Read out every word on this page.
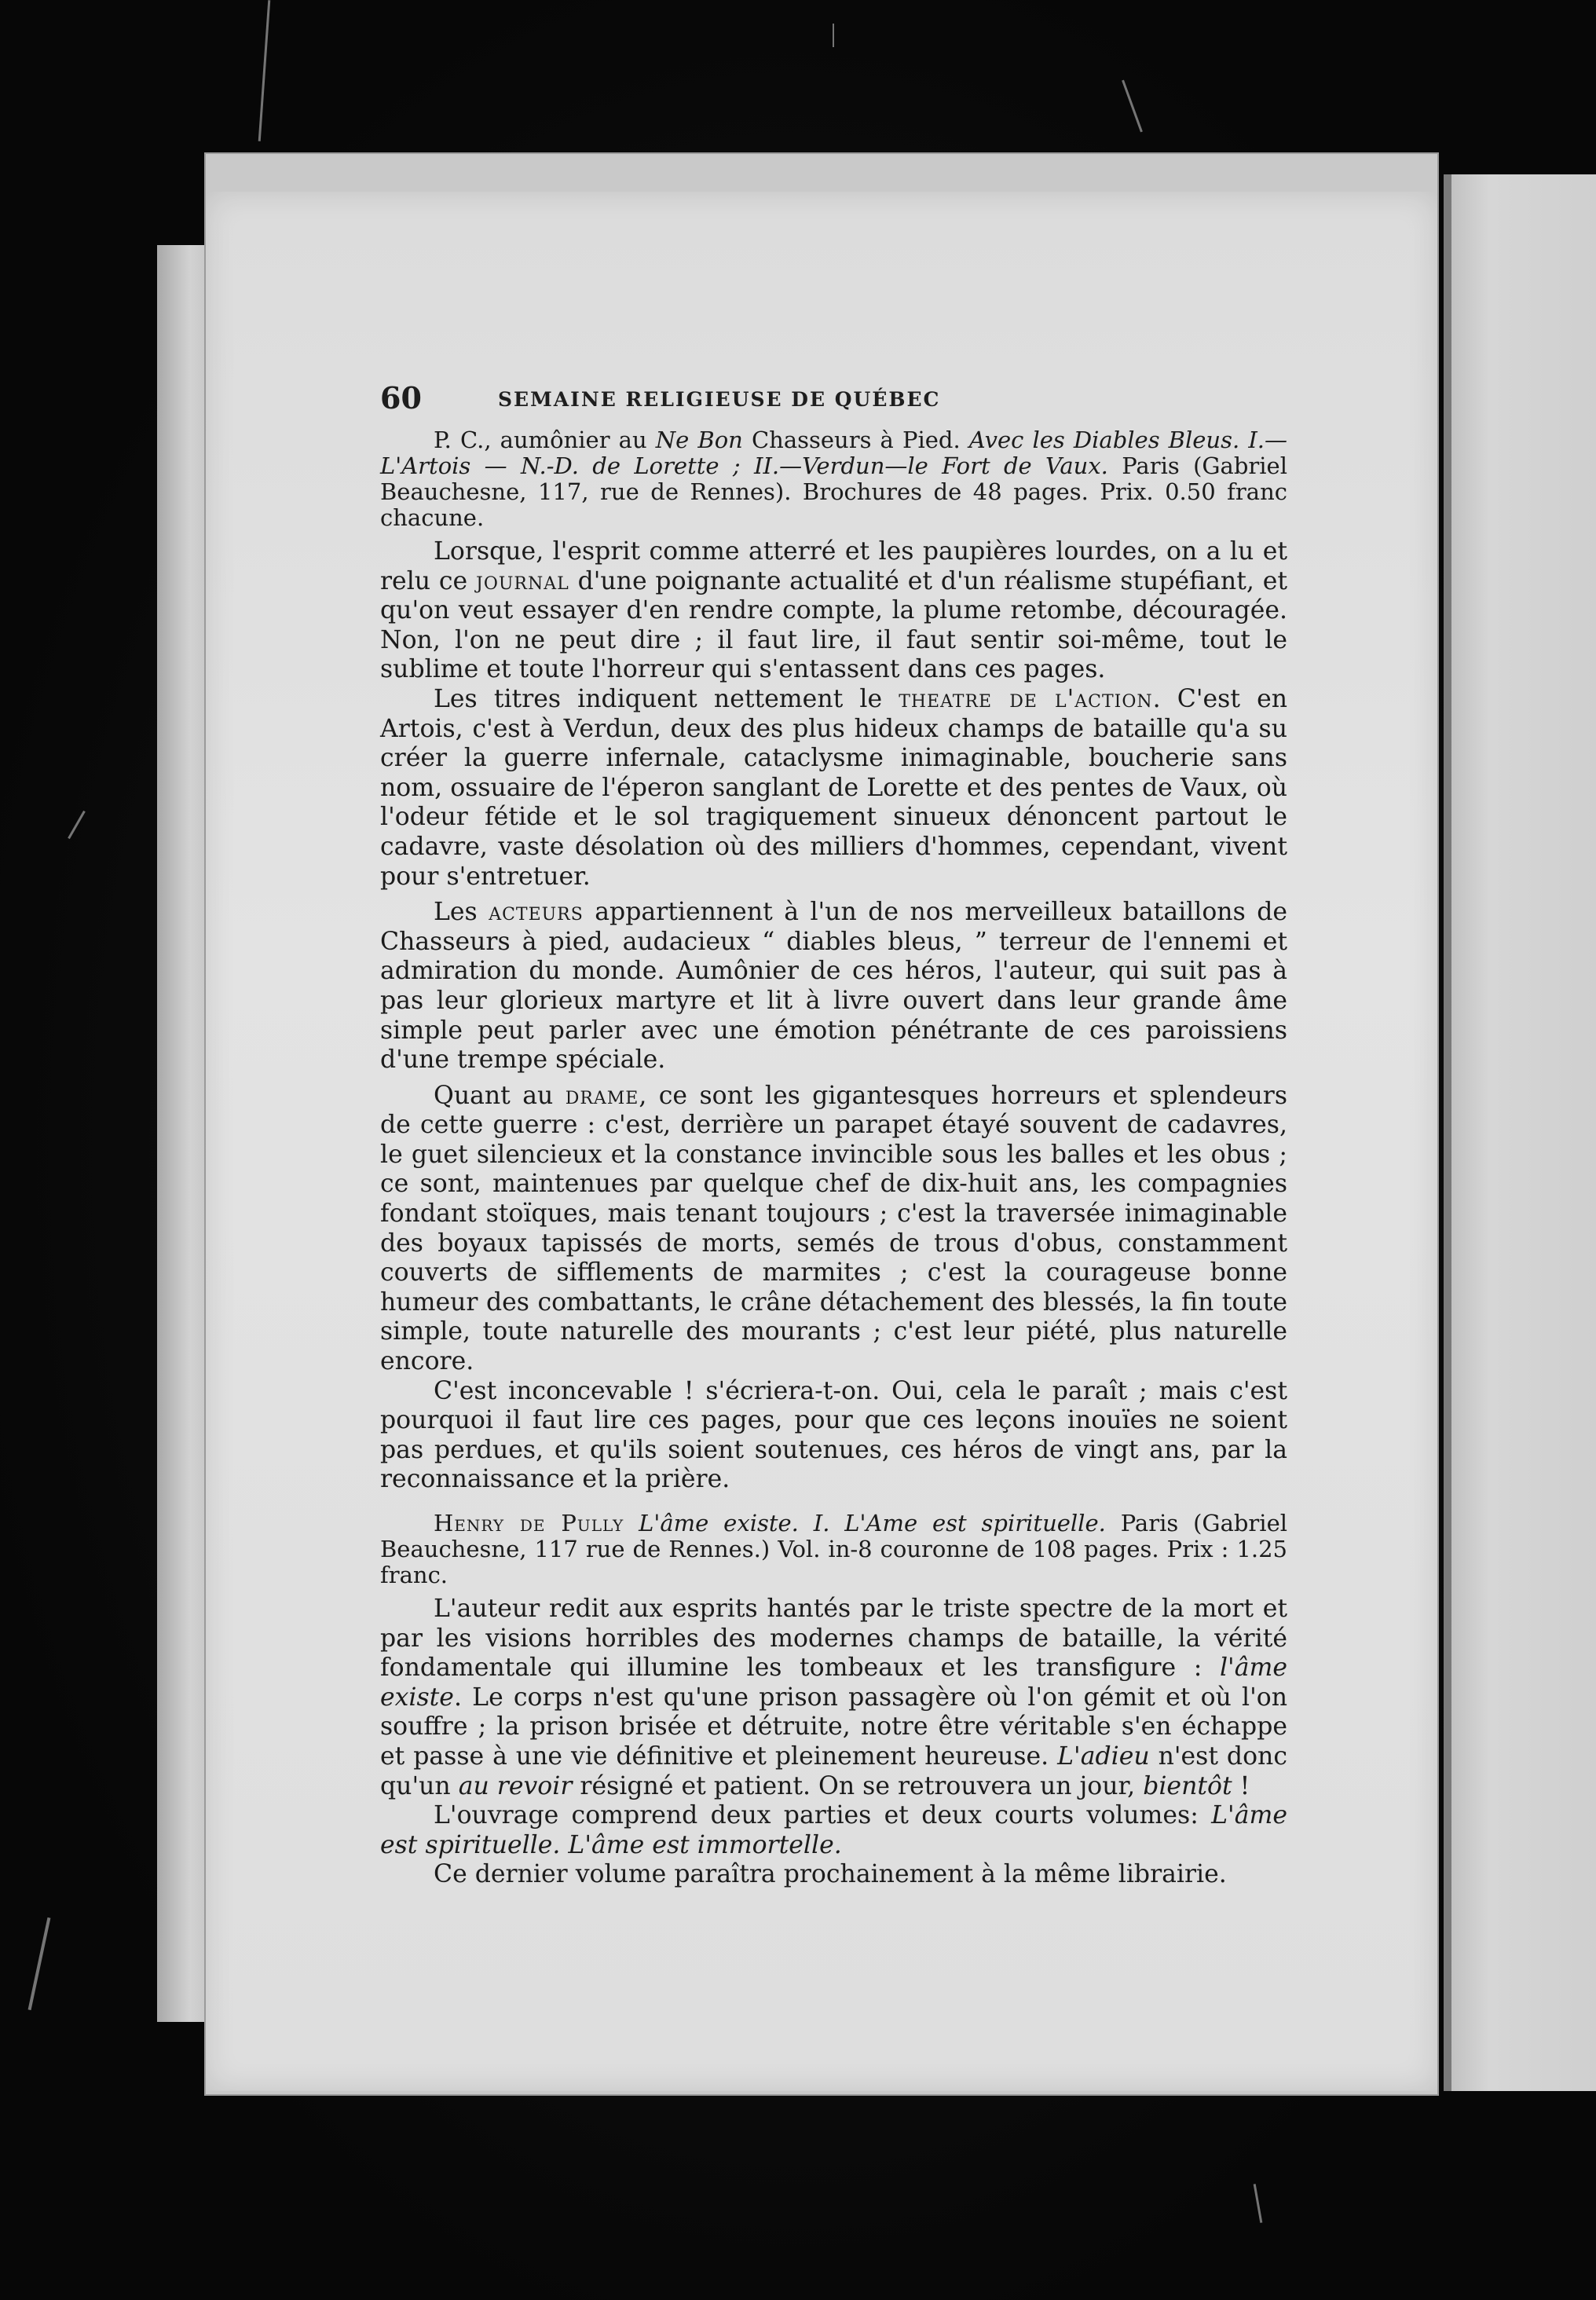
60	SEMAINE RELIGIEUSE DE QUÉBEC

P. C., aumônier au Ne Bon Chasseurs à Pied. Avec les Diables Bleus. I.— L'Artois — N.-D. de Lorette ; II.—Verdun—le Fort de Vaux. Paris (Gabriel Beauchesne, 117, rue de Rennes). Brochures de 48 pages. Prix. 0.50 franc chacune.

Lorsque, l'esprit comme atterré et les paupières lourdes, on a lu et relu ce journal d'une poignante actualité et d'un réalisme stupéfiant, et qu'on veut essayer d'en rendre compte, la plume retombe, découragée. Non, l'on ne peut dire ; il faut lire, il faut sentir soi-même, tout le sublime et toute l'horreur qui s'entassent dans ces pages.

Les titres indiquent nettement le theatre de l'action. C'est en Artois, c'est à Verdun, deux des plus hideux champs de bataille qu'a su créer la guerre infernale, cataclysme inimaginable, boucherie sans nom, ossuaire de l'éperon sanglant de Lorette et des pentes de Vaux, où l'odeur fétide et le sol tragiquement sinueux dénoncent partout le cadavre, vaste désolation où des milliers d'hommes, cependant, vivent pour s'entretuer.

Les acteurs appartiennent à l'un de nos merveilleux bataillons de Chasseurs à pied, audacieux “ diables bleus, ” terreur de l'ennemi et admiration du monde. Aumônier de ces héros, l'auteur, qui suit pas à pas leur glorieux martyre et lit à livre ouvert dans leur grande âme simple peut parler avec une émotion pénétrante de ces paroissiens d'une trempe spéciale.

Quant au drame, ce sont les gigantesques horreurs et splendeurs de cette guerre : c'est, derrière un parapet étayé souvent de cadavres, le guet silencieux et la constance invincible sous les balles et les obus ; ce sont, maintenues par quelque chef de dix-huit ans, les compagnies fondant stoïques, mais tenant toujours ; c'est la traversée inimaginable des boyaux tapissés de morts, semés de trous d'obus, constamment couverts de sifflements de marmites ; c'est la courageuse bonne humeur des combattants, le crâne détachement des blessés, la fin toute simple, toute naturelle des mourants ; c'est leur piété, plus naturelle encore.

C'est inconcevable ! s'écriera-t-on. Oui, cela le paraît ; mais c'est pourquoi il faut lire ces pages, pour que ces leçons inouïes ne soient pas perdues, et qu'ils soient soutenues, ces héros de vingt ans, par la reconnaissance et la prière.

Henry de Pully L'âme existe. I. L'Ame est spirituelle. Paris (Gabriel Beauchesne, 117 rue de Rennes.) Vol. in-8 couronne de 108 pages. Prix : 1.25 franc.

L'auteur redit aux esprits hantés par le triste spectre de la mort et par les visions horribles des modernes champs de bataille, la vérité fondamentale qui illumine les tombeaux et les transfigure : l'âme existe. Le corps n'est qu'une prison passagère où l'on gémit et où l'on souffre ; la prison brisée et détruite, notre être véritable s'en échappe et passe à une vie définitive et pleinement heureuse. L'adieu n'est donc qu'un au revoir résigné et patient. On se retrouvera un jour, bientôt !

L'ouvrage comprend deux parties et deux courts volumes: L'âme est spirituelle. L'âme est immortelle.

Ce dernier volume paraîtra prochainement à la même librairie.
